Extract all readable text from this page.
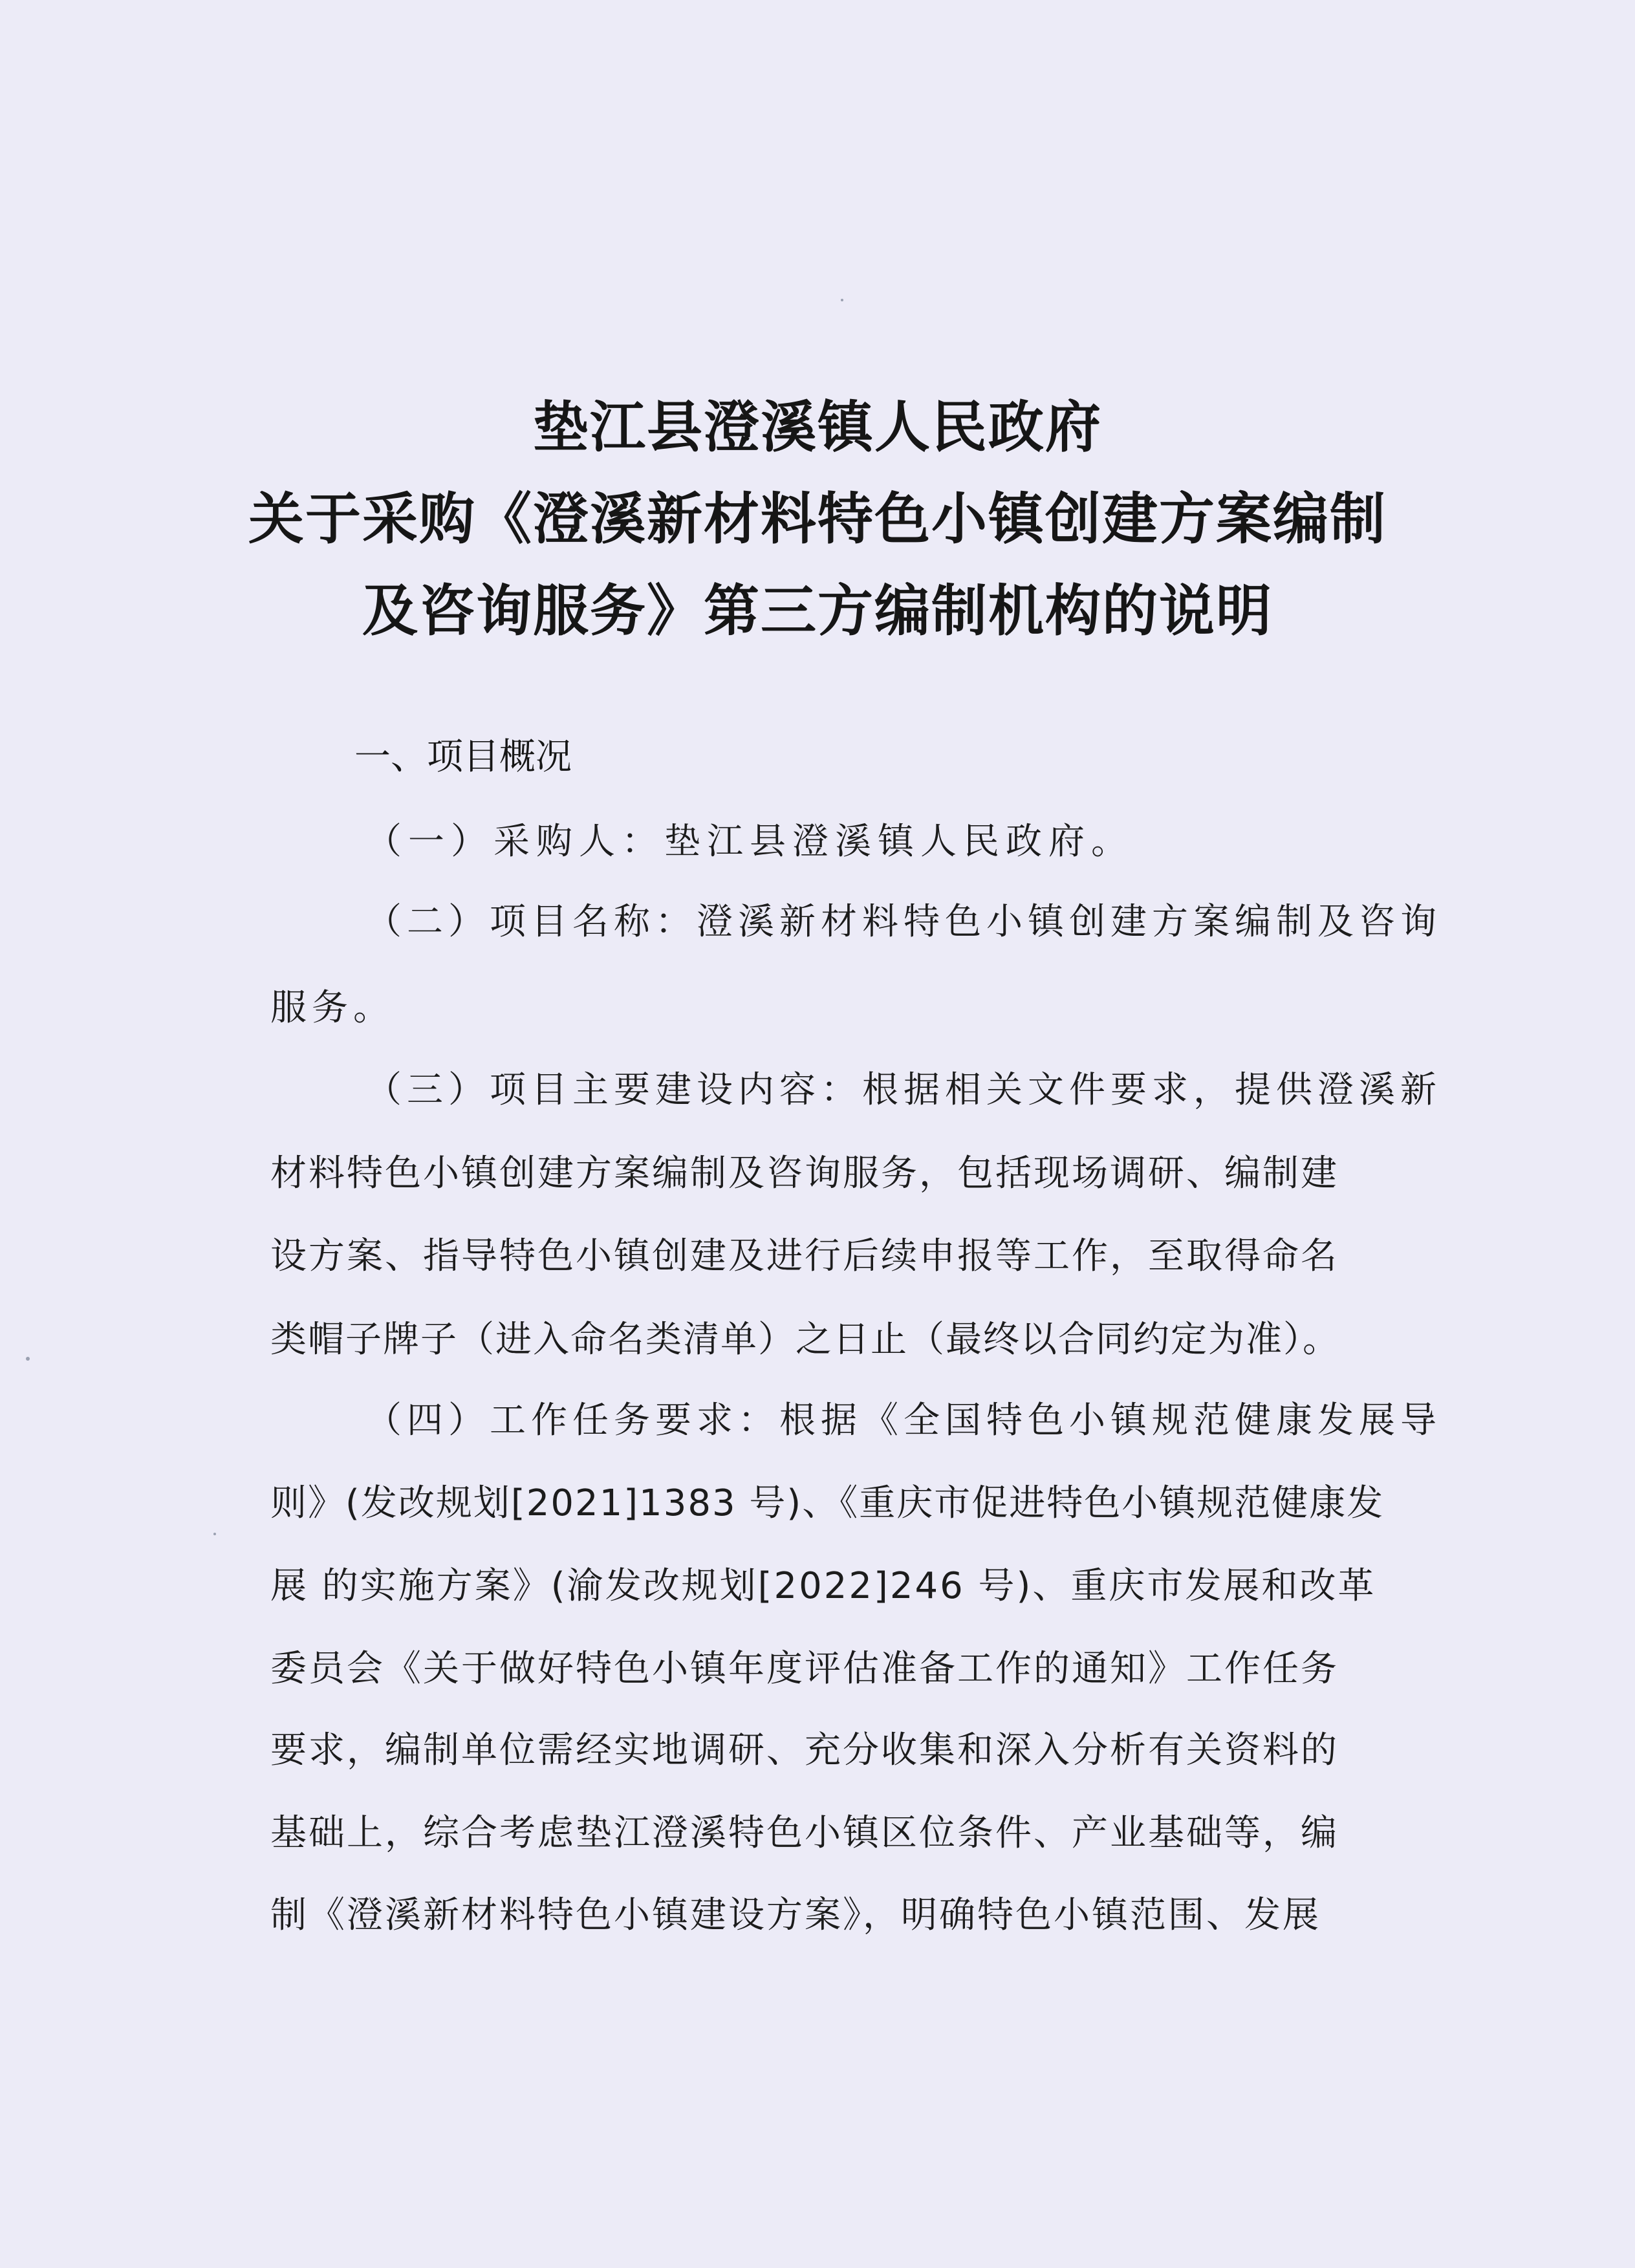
垫江县澄溪镇人民政府
关于采购《澄溪新材料特色小镇创建方案编制
及咨询服务》第三方编制机构的说明
一、项目概况
（一）采购人：垫江县澄溪镇人民政府。
（二）项目名称：澄溪新材料特色小镇创建方案编制及咨询
服务。
（三）项目主要建设内容：根据相关文件要求，提供澄溪新
材料特色小镇创建方案编制及咨询服务，包括现场调研、编制建
设方案、指导特色小镇创建及进行后续申报等工作，至取得命名
类帽子牌子（进入命名类清单）之日止（最终以合同约定为准）。
（四）工作任务要求：根据《全国特色小镇规范健康发展导
则》(发改规划[2021]1383 号)、《重庆市促进特色小镇规范健康发
展 的实施方案》(渝发改规划[2022]246 号)、重庆市发展和改革
委员会《关于做好特色小镇年度评估准备工作的通知》工作任务
要求，编制单位需经实地调研、充分收集和深入分析有关资料的
基础上，综合考虑垫江澄溪特色小镇区位条件、产业基础等，编
制《澄溪新材料特色小镇建设方案》，明确特色小镇范围、发展
